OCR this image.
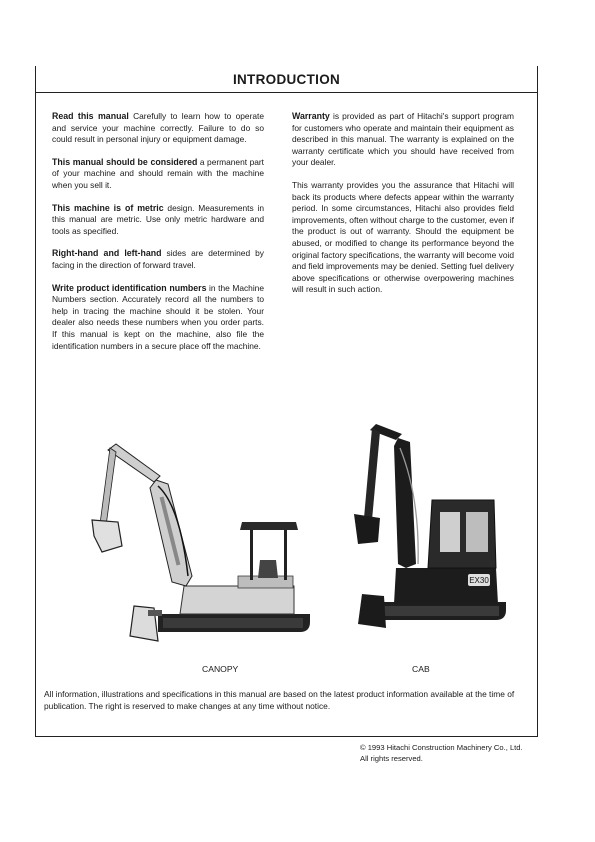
INTRODUCTION

Read this manual Carefully to learn how to operate and service your machine correctly. Failure to do so could result in personal injury or equipment damage.

This manual should be considered a permanent part of your machine and should remain with the machine when you sell it.

This machine is of metric design. Measurements in this manual are metric. Use only metric hardware and tools as specified.

Right-hand and left-hand sides are determined by facing in the direction of forward travel.

Write product identification numbers in the Machine Numbers section. Accurately record all the numbers to help in tracing the machine should it be stolen. Your dealer also needs these numbers when you order parts. If this manual is kept on the machine, also file the identification numbers in a secure place off the machine.

Warranty is provided as part of Hitachi's support program for customers who operate and maintain their equipment as described in this manual. The warranty is explained on the warranty certificate which you should have received from your dealer.

This warranty provides you the assurance that Hitachi will back its products where defects appear within the warranty period. In some circumstances, Hitachi also provides field improvements, often without charge to the customer, even if the product is out of warranty. Should the equipment be abused, or modified to change its performance beyond the original factory specifications, the warranty will become void and field improvements may be denied. Setting fuel delivery above specifications or otherwise overpowering machines will result in such action.

EX30
CANOPY	CAB
All information, illustrations and specifications in this manual are based on the latest product information available at the time of publication. The right is reserved to make changes at any time without notice.
© 1993 Hitachi Construction Machinery Co., Ltd.
All rights reserved.
